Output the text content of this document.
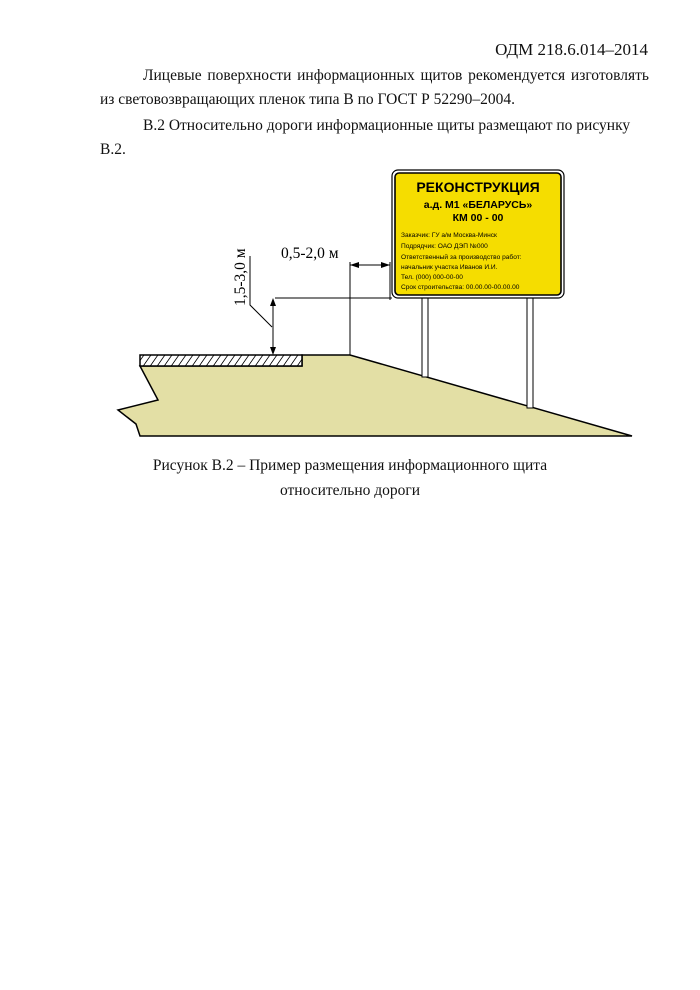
ОДМ 218.6.014–2014
Лицевые поверхности информационных щитов рекомендуется изготовлять из световозвращающих пленок типа В по ГОСТ Р 52290–2004.
В.2 Относительно дороги информационные щиты размещают по рисунку В.2.
0,5-2,0 м
1,5-3,0 м
РЕКОНСТРУКЦИЯ
а.д. М1 «БЕЛАРУСЬ»
КМ 00 - 00
Заказчик: ГУ а/м Москва-Минск
Подрядчик: ОАО ДЭП №000
Ответственный за производство работ:
начальник участка Иванов И.И.
Тел. (000) 000-00-00
Срок строительства: 00.00.00-00.00.00
Рисунок В.2 – Пример размещения информационного щита
относительно дороги
